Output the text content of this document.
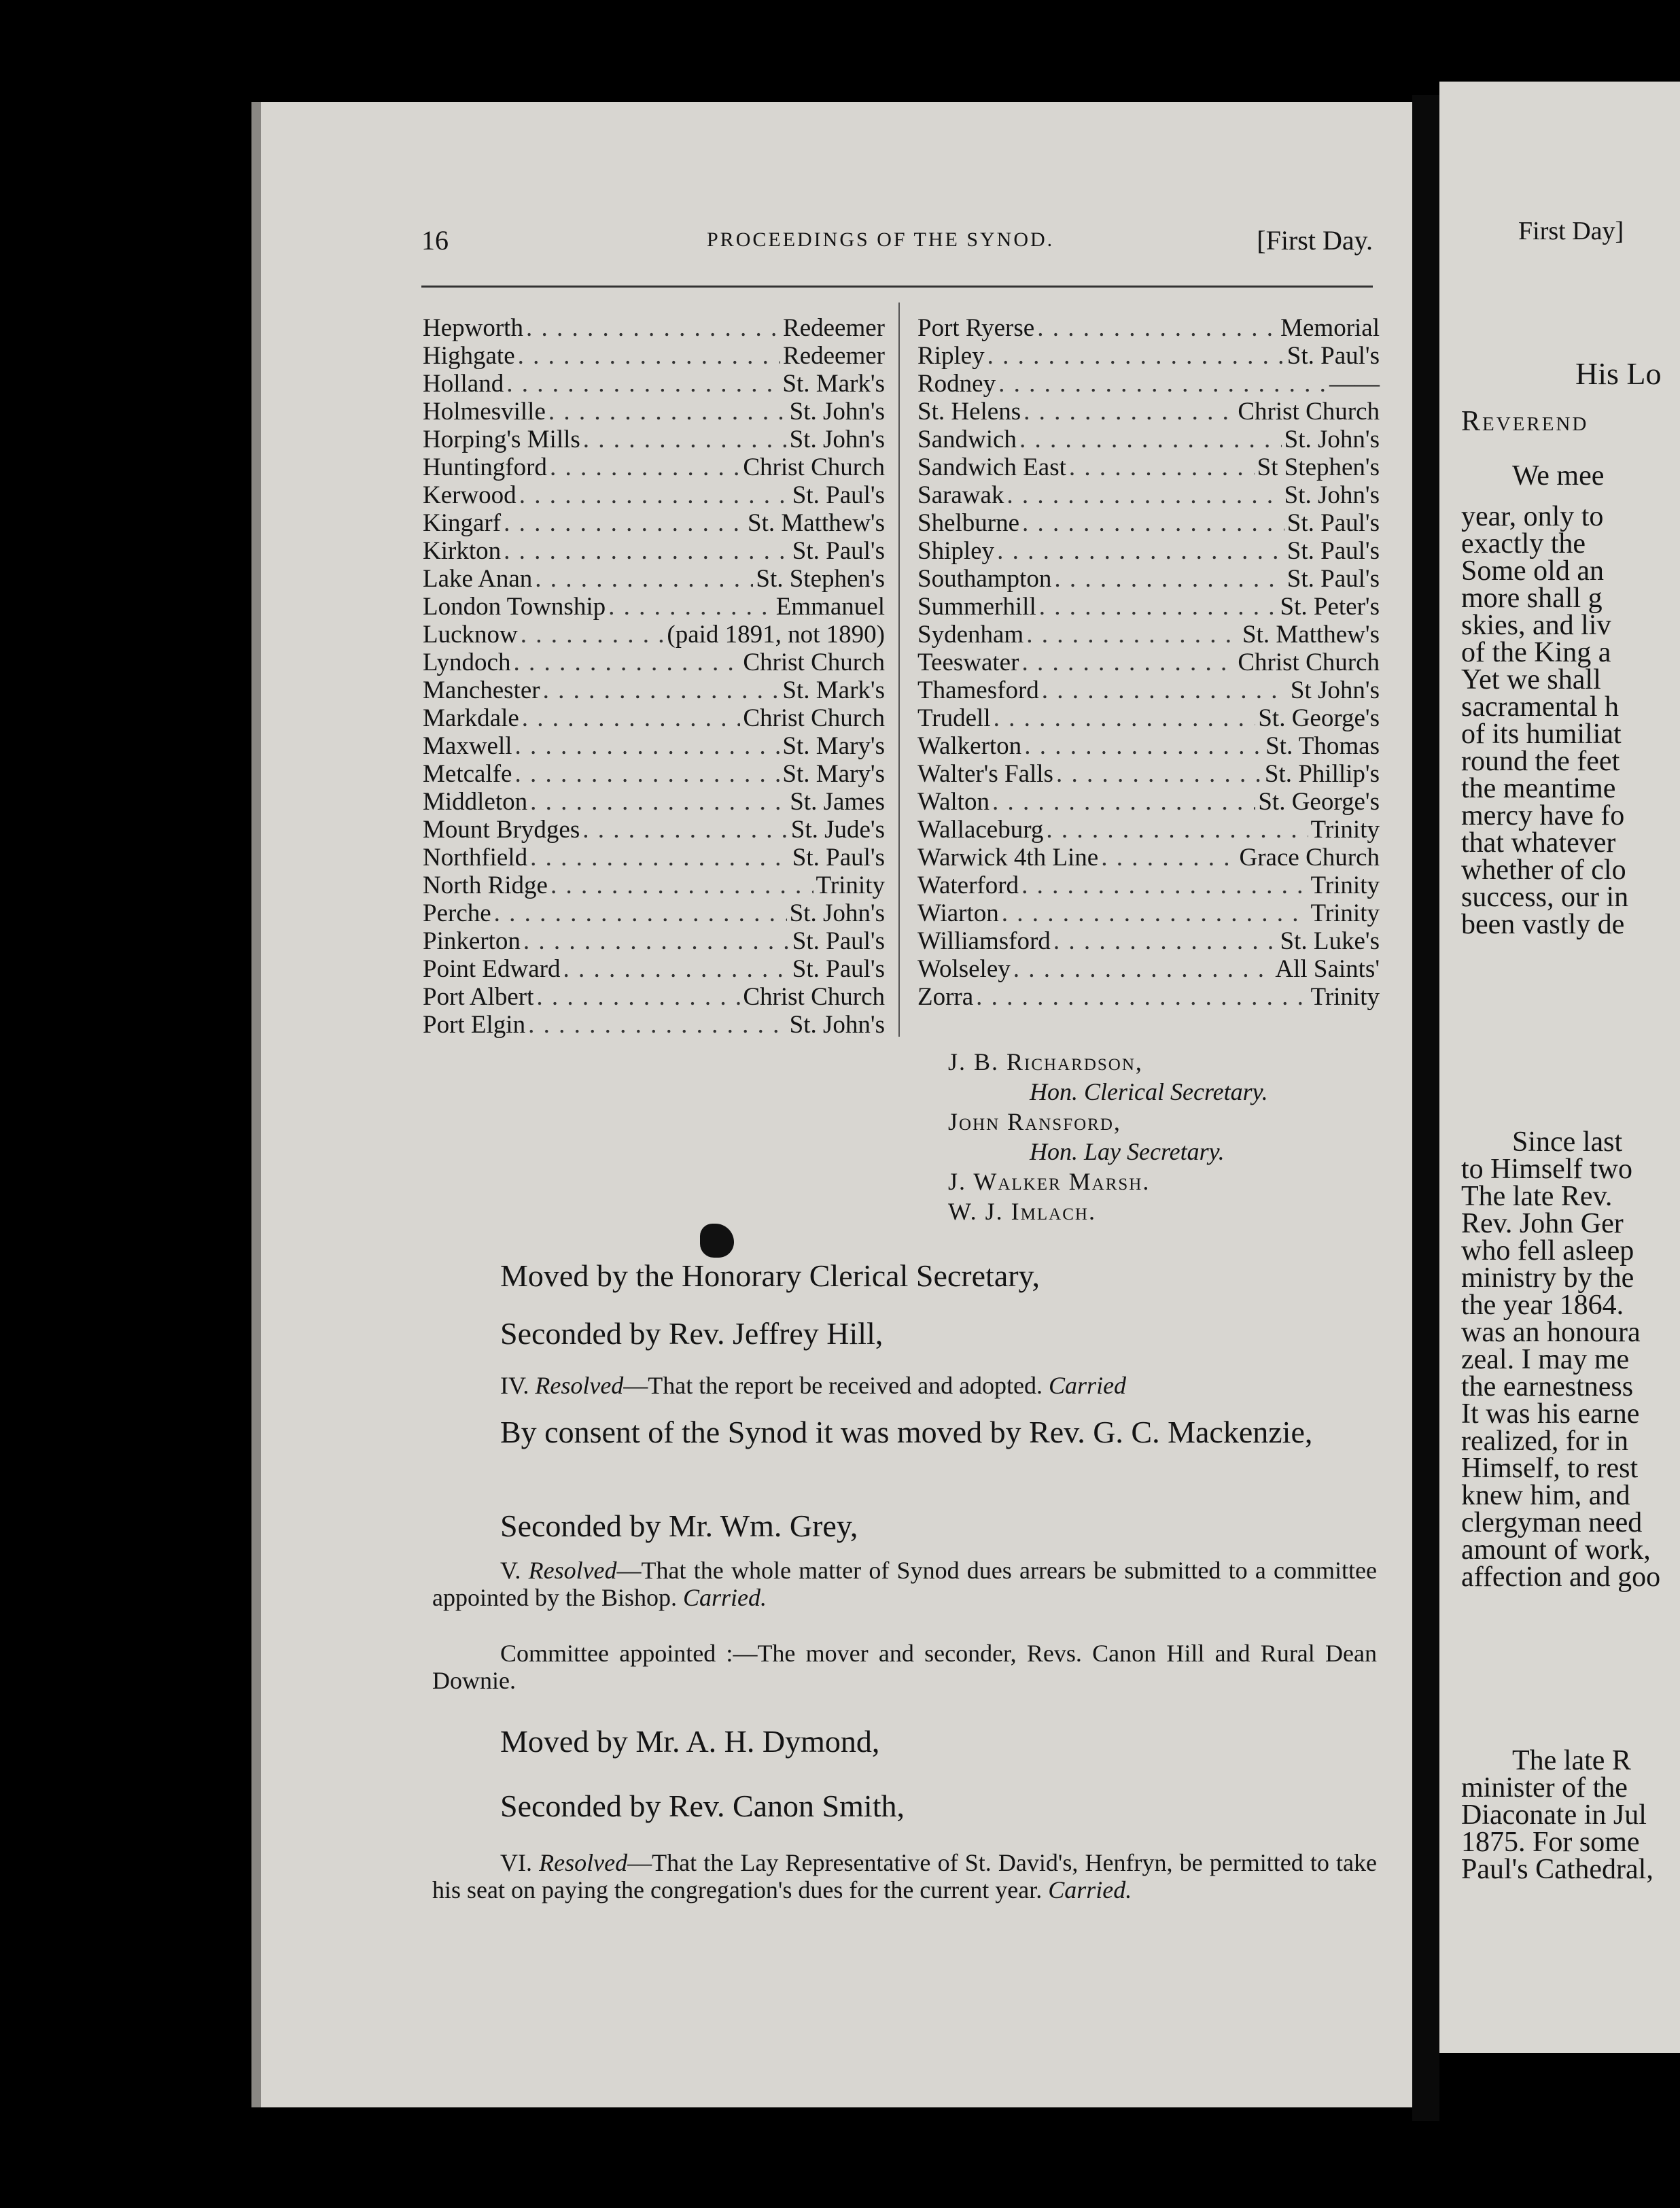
16	PROCEEDINGS OF THE SYNOD.	[First Day.
Hepworth . . .	Redeemer
Highgate . . .	Redeemer
Holland . . .	St. Mark's
Holmesville . . .	St. John's
Horping's Mills . . .	St. John's
Huntingford . . .	Christ Church
Kerwood . . .	St. Paul's
Kingarf . . .	St. Matthew's
Kirkton . . .	St. Paul's
Lake Anan . . .	St. Stephen's
London Township . . .	Emmanuel
Lucknow . . .	(paid 1891, not 1890)
Lyndoch . . .	Christ Church
Manchester . . .	St. Mark's
Markdale . . .	Christ Church
Maxwell . . .	St. Mary's
Metcalfe . . .	St. Mary's
Middleton . . .	St. James
Mount Brydges . . .	St. Jude's
Northfield . . .	St. Paul's
North Ridge . . .	Trinity
Perche . . .	St. John's
Pinkerton . . .	St. Paul's
Point Edward . . .	St. Paul's
Port Albert . . .	Christ Church
Port Elgin . . .	St. John's
Port Ryerse . . .	Memorial
Ripley . . .	St. Paul's
Rodney . . .	——
St. Helens . . .	Christ Church
Sandwich . . .	St. John's
Sandwich East . . .	St Stephen's
Sarawak . . .	St. John's
Shelburne . . .	St. Paul's
Shipley . . .	St. Paul's
Southampton . . .	St. Paul's
Summerhill . . .	St. Peter's
Sydenham . . .	St. Matthew's
Teeswater . . .	Christ Church
Thamesford . . .	St John's
Trudell . . .	St. George's
Walkerton . . .	St. Thomas
Walter's Falls . . .	St. Phillip's
Walton . . .	St. George's
Wallaceburg . . .	Trinity
Warwick 4th Line . . .	Grace Church
Waterford . . .	Trinity
Wiarton . . .	Trinity
Williamsford . . .	St. Luke's
Wolseley . . .	All Saints'
Zorra . . .	Trinity
J. B. Richardson,
Hon. Clerical Secretary.
John Ransford,
Hon. Lay Secretary.
J. Walker Marsh.
W. J. Imlach.
Moved by the Honorary Clerical Secretary,
Seconded by Rev. Jeffrey Hill,
IV. Resolved—That the report be received and adopted. Carried
By consent of the Synod it was moved by Rev. G. C. Mackenzie,
Seconded by Mr. Wm. Grey,
V. Resolved—That the whole matter of Synod dues arrears be submitted to a committee appointed by the Bishop. Carried.
Committee appointed :—The mover and seconder, Revs. Canon Hill and Rural Dean Downie.
Moved by Mr. A. H. Dymond,
Seconded by Rev. Canon Smith,
VI. Resolved—That the Lay Representative of St. David's, Henfryn, be permitted to take his seat on paying the congregation's dues for the current year. Carried.
First Day]
His Lo
Reverend
We mee
year, only to
exactly the
Some old an
more shall g
skies, and liv
of the King a
Yet we shall
sacramental h
of its humiliat
round the feet
the meantime
mercy have fo
that whatever
whether of clo
success, our in
been vastly de
Since last
to Himself two
The late Rev.
Rev. John Ger
who fell asleep
ministry by the
the year 1864.
was an honoura
zeal. I may me
the earnestness
It was his earne
realized, for in
Himself, to rest
knew him, and
clergyman need
amount of work,
affection and goo
The late R
minister of the
Diaconate in Jul
1875. For some
Paul's Cathedral,
